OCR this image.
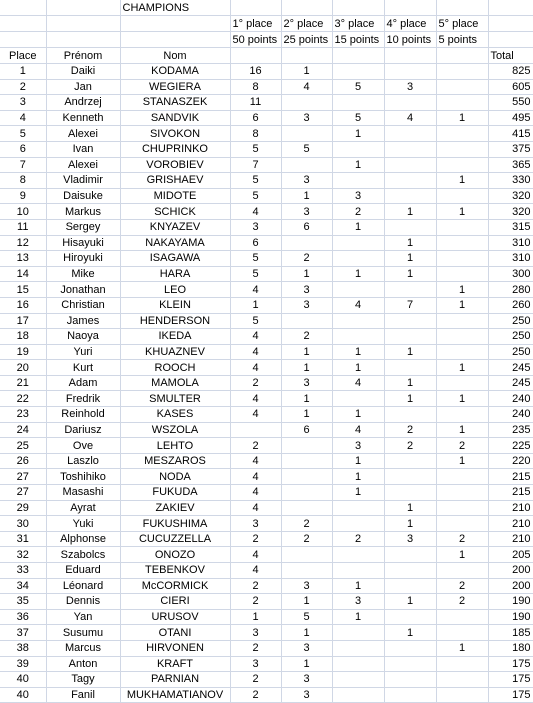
		CHAMPIONS						
			1° place	2° place	3° place	4° place	5° place	
			50 points	25 points	15 points	10 points	5 points	
Place	Prénom	Nom						Total
1	Daiki	KODAMA	16	1				825
2	Jan	WEGIERA	8	4	5	3		605
3	Andrzej	STANASZEK	11					550
4	Kenneth	SANDVIK	6	3	5	4	1	495
5	Alexei	SIVOKON	8		1			415
6	Ivan	CHUPRINKO	5	5				375
7	Alexei	VOROBIEV	7		1			365
8	Vladimir	GRISHAEV	5	3			1	330
9	Daisuke	MIDOTE	5	1	3			320
10	Markus	SCHICK	4	3	2	1	1	320
11	Sergey	KNYAZEV	3	6	1			315
12	Hisayuki	NAKAYAMA	6			1		310
13	Hiroyuki	ISAGAWA	5	2		1		310
14	Mike	HARA	5	1	1	1		300
15	Jonathan	LEO	4	3			1	280
16	Christian	KLEIN	1	3	4	7	1	260
17	James	HENDERSON	5					250
18	Naoya	IKEDA	4	2				250
19	Yuri	KHUAZNEV	4	1	1	1		250
20	Kurt	ROOCH	4	1	1		1	245
21	Adam	MAMOLA	2	3	4	1		245
22	Fredrik	SMULTER	4	1		1	1	240
23	Reinhold	KASES	4	1	1			240
24	Dariusz	WSZOLA		6	4	2	1	235
25	Ove	LEHTO	2		3	2	2	225
26	Laszlo	MESZAROS	4		1		1	220
27	Toshihiko	NODA	4		1			215
27	Masashi	FUKUDA	4		1			215
29	Ayrat	ZAKIEV	4			1		210
30	Yuki	FUKUSHIMA	3	2		1		210
31	Alphonse	CUCUZZELLA	2	2	2	3	2	210
32	Szabolcs	ONOZO	4				1	205
33	Eduard	TEBENKOV	4					200
34	Léonard	McCORMICK	2	3	1		2	200
35	Dennis	CIERI	2	1	3	1	2	190
36	Yan	URUSOV	1	5	1			190
37	Susumu	OTANI	3	1		1		185
38	Marcus	HIRVONEN	2	3			1	180
39	Anton	KRAFT	3	1				175
40	Tagy	PARNIAN	2	3				175
40	Fanil	MUKHAMATIANOV	2	3				175
